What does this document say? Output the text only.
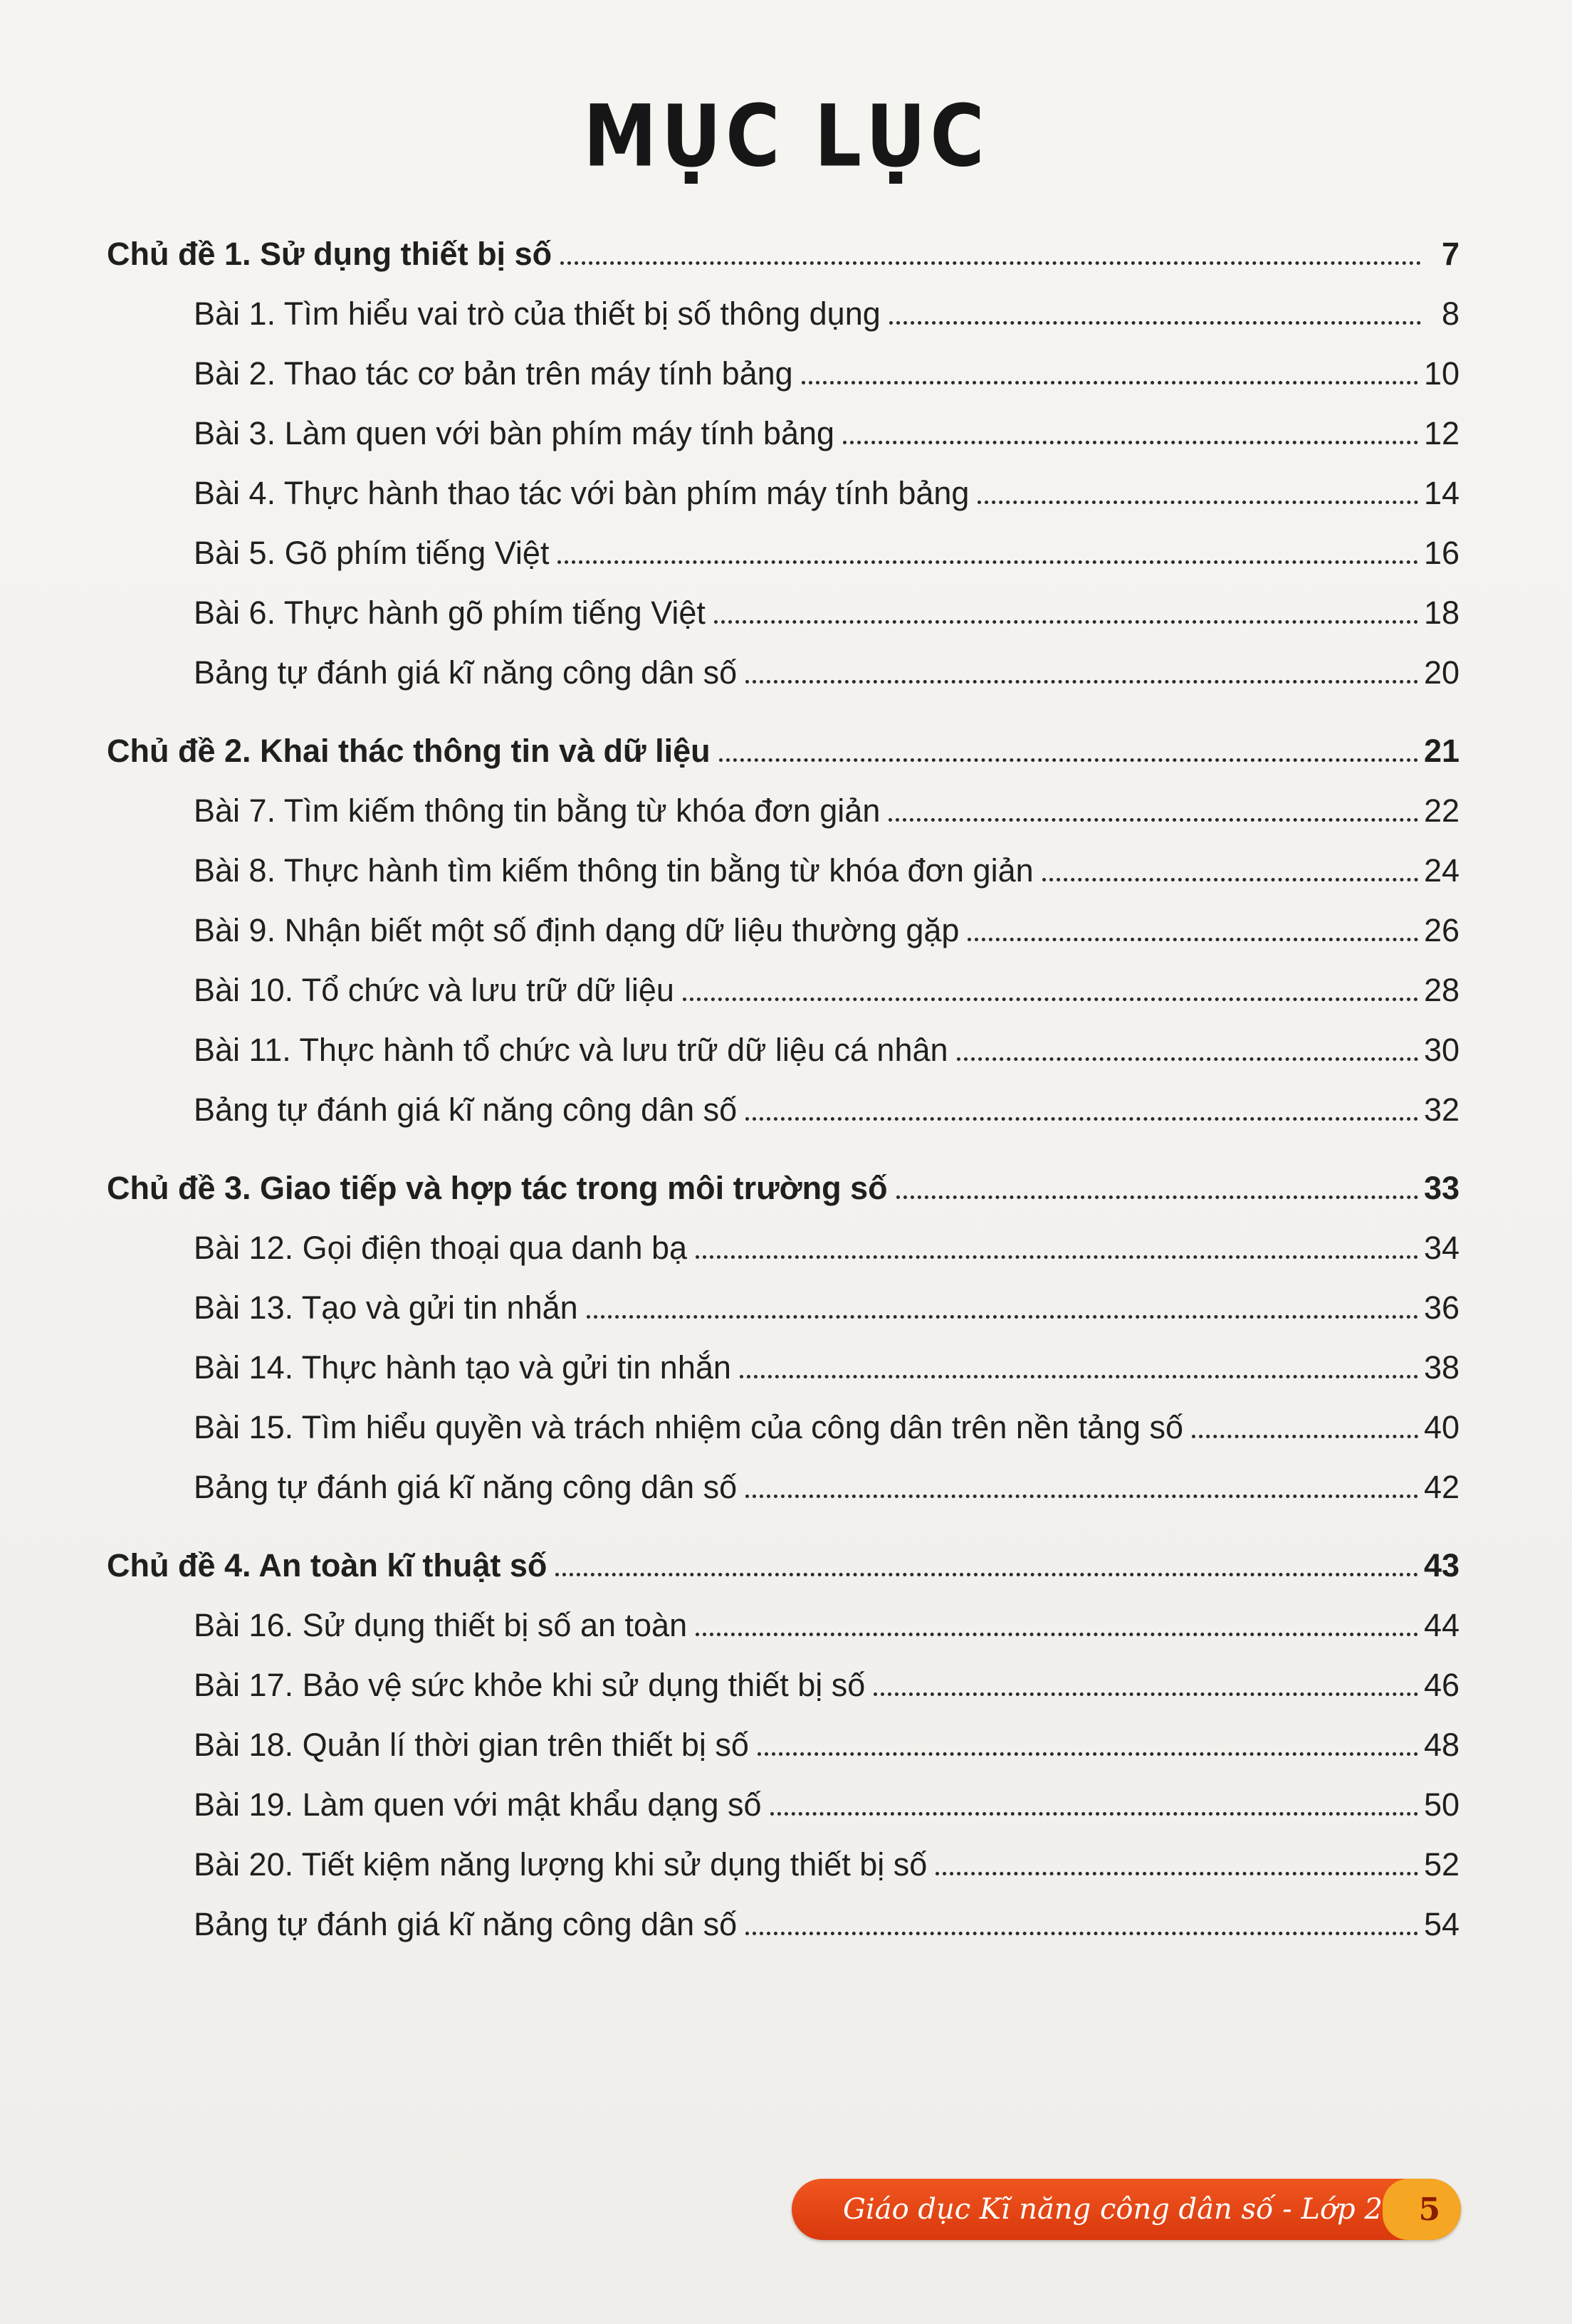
MỤC LỤC
Chủ đề 1. Sử dụng thiết bị số	7
Bài 1. Tìm hiểu vai trò của thiết bị số thông dụng	8
Bài 2. Thao tác cơ bản trên máy tính bảng	10
Bài 3. Làm quen với bàn phím máy tính bảng	12
Bài 4. Thực hành thao tác với bàn phím máy tính bảng	14
Bài 5. Gõ phím tiếng Việt	16
Bài 6. Thực hành gõ phím tiếng Việt	18
Bảng tự đánh giá kĩ năng công dân số	20
Chủ đề 2. Khai thác thông tin và dữ liệu	21
Bài 7. Tìm kiếm thông tin bằng từ khóa đơn giản	22
Bài 8. Thực hành tìm kiếm thông tin bằng từ khóa đơn giản	24
Bài 9. Nhận biết một số định dạng dữ liệu thường gặp	26
Bài 10. Tổ chức và lưu trữ dữ liệu	28
Bài 11. Thực hành tổ chức và lưu trữ dữ liệu cá nhân	30
Bảng tự đánh giá kĩ năng công dân số	32
Chủ đề 3. Giao tiếp và hợp tác trong môi trường số	33
Bài 12. Gọi điện thoại qua danh bạ	34
Bài 13. Tạo và gửi tin nhắn	36
Bài 14. Thực hành tạo và gửi tin nhắn	38
Bài 15. Tìm hiểu quyền và trách nhiệm của công dân trên nền tảng số	40
Bảng tự đánh giá kĩ năng công dân số	42
Chủ đề 4. An toàn kĩ thuật số	43
Bài 16. Sử dụng thiết bị số an toàn	44
Bài 17. Bảo vệ sức khỏe khi sử dụng thiết bị số	46
Bài 18. Quản lí thời gian trên thiết bị số	48
Bài 19. Làm quen với mật khẩu dạng số	50
Bài 20. Tiết kiệm năng lượng khi sử dụng thiết bị số	52
Bảng tự đánh giá kĩ năng công dân số	54
Giáo dục Kĩ năng công dân số - Lớp 2	5
